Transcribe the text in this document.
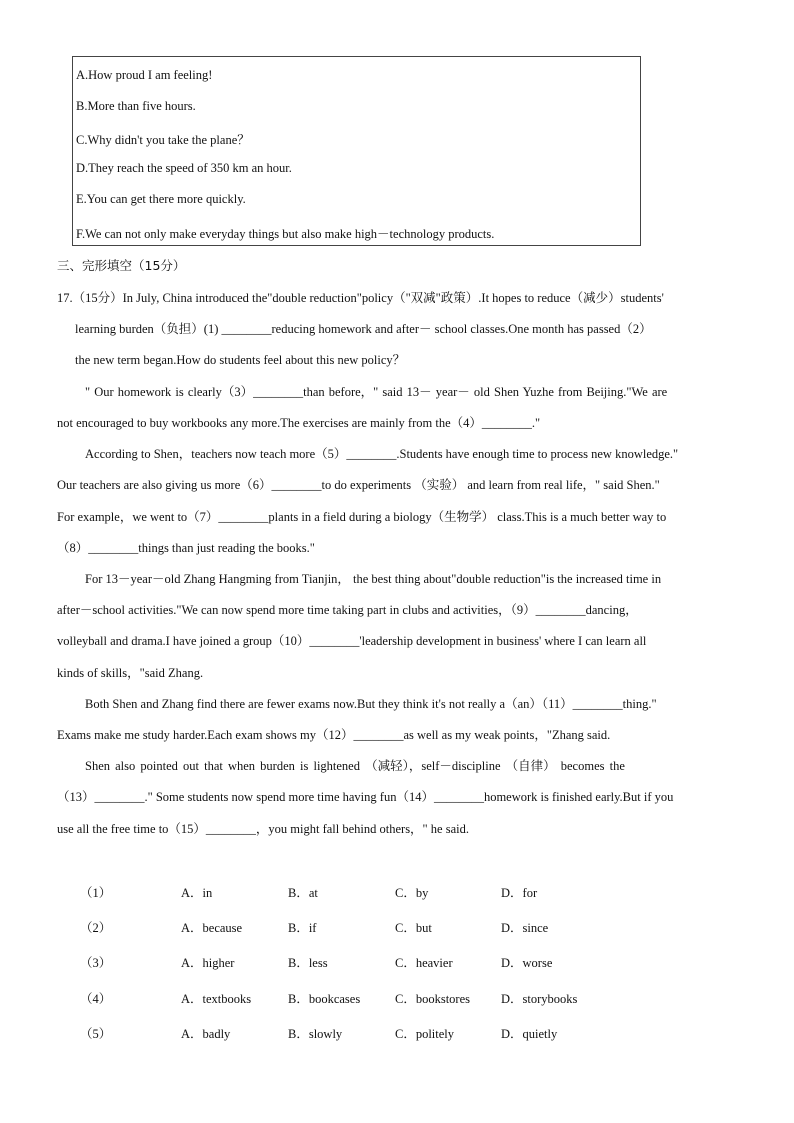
A.How proud I am feeling!
B.More than five hours.
C.Why didn't you take the plane？
D.They reach the speed of 350 km an hour.
E.You can get there more quickly.
F.We can not only make everyday things but also make high－technology products.
三、完形填空（15分）
17.（15分）In July, China introduced the"double reduction"policy（"双减"政策）.It hopes to reduce（减少）students'
learning burden（负担）(1) ________reducing homework and after－ school classes.One month has passed（2）
the new term began.How do students feel about this new policy？
" Our homework is clearly（3）________than before，" said 13－ year－ old Shen Yuzhe from Beijing."We are
not encouraged to buy workbooks any more.The exercises are mainly from the（4）________."
According to Shen，teachers now teach more（5）________.Students have enough time to process new knowledge."
Our teachers are also giving us more（6）________to do experiments （实验） and learn from real life，" said Shen."
For example，we went to（7）________plants in a field during a biology（生物学） class.This is a much better way to
（8）________things than just reading the books."
For 13－year－old Zhang Hangming from Tianjin， the best thing about"double reduction"is the increased time in
after－school activities."We can now spend more time taking part in clubs and activities，（9）________dancing，
volleyball and drama.I have joined a group（10）________'leadership development in business' where I can learn all
kinds of skills，"said Zhang.
Both Shen and Zhang find there are fewer exams now.But they think it's not really a（an）（11）________thing."
Exams make me study harder.Each exam shows my（12）________as well as my weak points，"Zhang said.
Shen also pointed out that when burden is lightened （减轻），self－discipline （自律） becomes the
（13）________." Some students now spend more time having fun（14）________homework is finished early.But if you
use all the free time to（15）________，you might fall behind others，" he said.
（1）	A．in	B．at	C．by	D．for
（2）	A．because	B．if	C．but	D．since
（3）	A．higher	B．less	C．heavier	D．worse
（4）	A．textbooks	B．bookcases	C．bookstores D．storybooks
（5）	A．badly	B．slowly	C．politely	D．quietly
